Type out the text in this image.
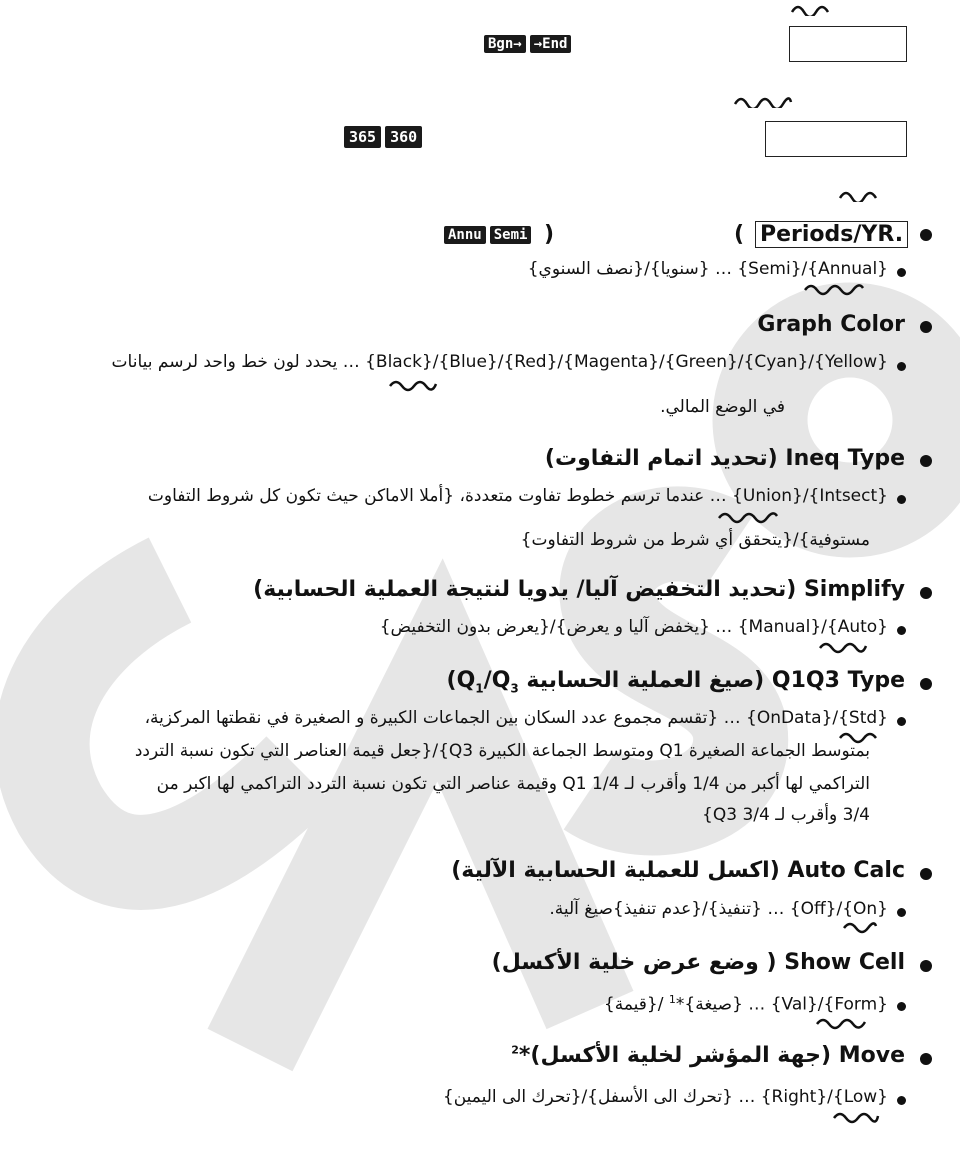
Bgn→ →End
365 360
Periods/YR.
(
Annu Semi )
{Annual}/{Semi} … {سنويا}/{نصف السنوي}
Graph Color
{Yellow}/{Cyan}/{Green}/{Magenta}/{Red}/{Blue}/{Black} … يحدد لون خط واحد لرسم بيانات
في الوضع المالي.
Ineq Type (تحديد اتمام التفاوت)
{Intsect}/{Union} … عندما ترسم خطوط تفاوت متعددة، {أملا الاماكن حيث تكون كل شروط التفاوت
مستوفية}/{يتحقق أي شرط من شروط التفاوت}
Simplify (تحديد التخفيض آليا/ يدويا لنتيجة العملية الحسابية)
{Auto}/{Manual} … {يخفض آليا و يعرض}/{يعرض بدون التخفيض}
Q1Q3 Type (صيغ العملية الحسابية $Q_1/Q_3$)
{Std}/{OnData} … {تقسم مجموع عدد السكان بين الجماعات الكبيرة و الصغيرة في نقطتها المركزية،
بمتوسط الجماعة الصغيرة Q1 ومتوسط الجماعة الكبيرة Q3}/{جعل قيمة العناصر التي تكون نسبة التردد
التراكمي لها أكبر من 1/4 وأقرب لـ 1/4 Q1 وقيمة عناصر التي تكون نسبة التردد التراكمي لها اكبر من
3/4 وأقرب لـ 3/4 Q3}
Auto Calc (اكسل للعملية الحسابية الآلية)
{On}/{Off} … {تنفيذ}/{عدم تنفيذ}صيغ آلية.
Show Cell ( وضع عرض خلية الأكسل)
{Form}/{Val} … {صيغة}*$^1$ /{قيمة}
Move (جهة المؤشر لخلية الأكسل)*$^2$
{Low}/{Right} … {تحرك الى الأسفل}/{تحرك الى اليمين}
